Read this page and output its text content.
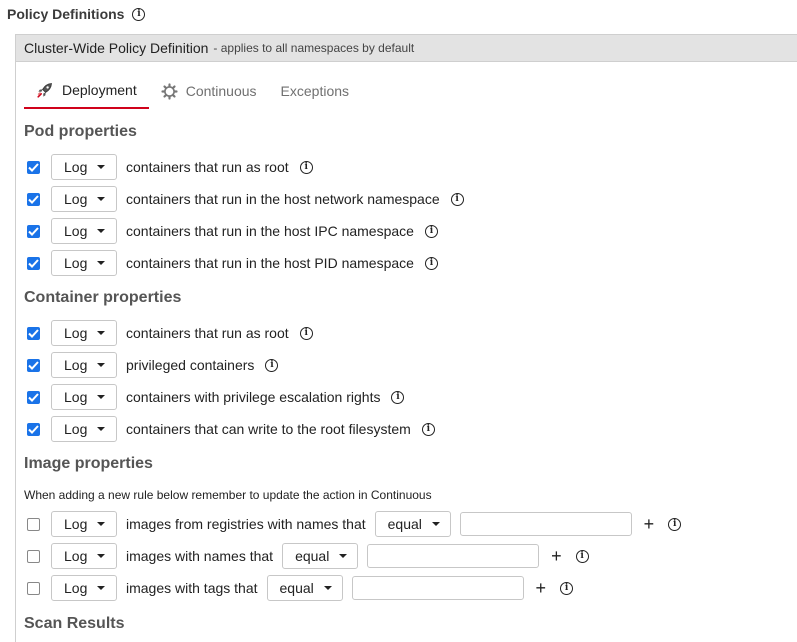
Policy Definitions	i
Cluster-Wide Policy Definition - applies to all namespaces by default
Deployment	Continuous Exceptions
Pod properties
Log	containers that run as root	i
Log	containers that run in the host network namespace	i
Log	containers that run in the host IPC namespace	i
Log	containers that run in the host PID namespace	i
Container properties
Log	containers that run as root	i
Log	privileged containers	i
Log	containers with privilege escalation rights	i
Log	containers that can write to the root filesystem	i
Image properties
When adding a new rule below remember to update the action in Continuous
Log	images from registries with names that equal	+	i
Log	images with names that equal	+	i
Log	images with tags that equal	+	i
Scan Results
